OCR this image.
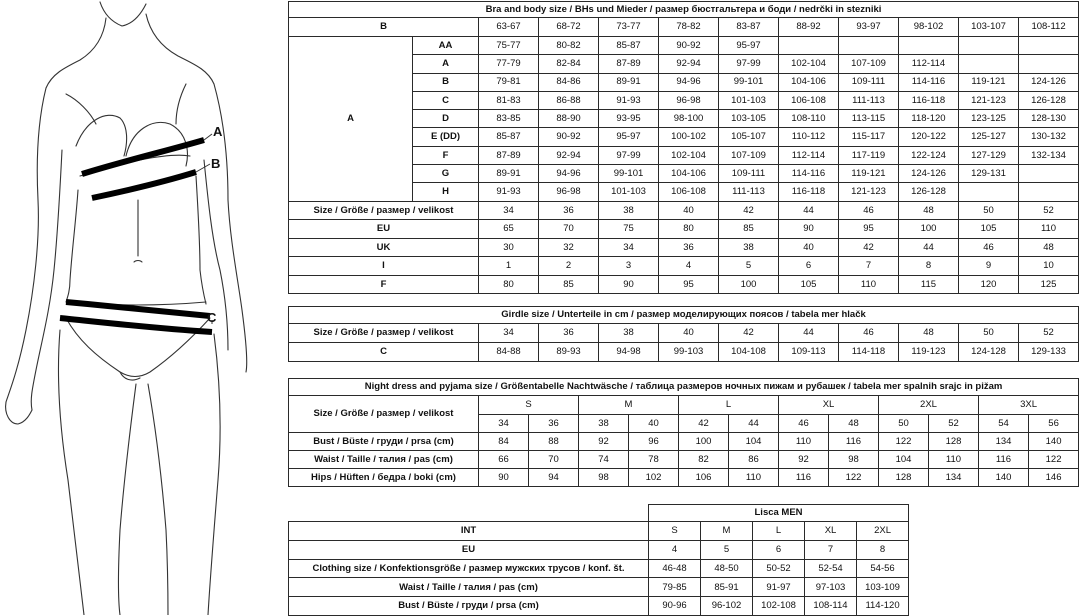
A
B
C
Bra and body size / BHs und Mieder / размер бюстгальтера и боди / nedrčki in stezniki											
B		63-67	68-72	73-77	78-82	83-87	88-92	93-97	98-102	103-107	108-112
A	AA	75-77	80-82	85-87	90-92	95-97					
	A	77-79	82-84	87-89	92-94	97-99	102-104	107-109	112-114		
	B	79-81	84-86	89-91	94-96	99-101	104-106	109-111	114-116	119-121	124-126
	C	81-83	86-88	91-93	96-98	101-103	106-108	111-113	116-118	121-123	126-128
	D	83-85	88-90	93-95	98-100	103-105	108-110	113-115	118-120	123-125	128-130
	E (DD)	85-87	90-92	95-97	100-102	105-107	110-112	115-117	120-122	125-127	130-132
	F	87-89	92-94	97-99	102-104	107-109	112-114	117-119	122-124	127-129	132-134
	G	89-91	94-96	99-101	104-106	109-111	114-116	119-121	124-126	129-131	
	H	91-93	96-98	101-103	106-108	111-113	116-118	121-123	126-128		
Size / Größe / размер / velikost		34	36	38	40	42	44	46	48	50	52
EU		65	70	75	80	85	90	95	100	105	110
UK		30	32	34	36	38	40	42	44	46	48
I		1	2	3	4	5	6	7	8	9	10
F		80	85	90	95	100	105	110	115	120	125
Girdle size / Unterteile in cm / размер моделирующих поясов / tabela mer hlačk										
Size / Größe / размер / velikost	34	36	38	40	42	44	46	48	50	52
C	84-88	89-93	94-98	99-103	104-108	109-113	114-118	119-123	124-128	129-133
Night dress and pyjama size / Größentabelle Nachtwäsche / таблица размеров ночных пижам и рубашек / tabela mer spalnih srajc in pižam												
Size / Größe / размер / velikost	S		M		L		XL		2XL		3XL	
	34	36	38	40	42	44	46	48	50	52	54	56
Bust / Büste / груди / prsa (cm)	84	88	92	96	100	104	110	116	122	128	134	140
Waist / Taille / талия / pas (cm)	66	70	74	78	82	86	92	98	104	110	116	122
Hips / Hüften / бедра / boki (cm)	90	94	98	102	106	110	116	122	128	134	140	146
	Lisca MEN				
INT	S	M	L	XL	2XL
EU	4	5	6	7	8
Clothing size / Konfektionsgröße / размер мужских трусов / konf. št.	46-48	48-50	50-52	52-54	54-56
Waist / Taille / талия / pas (cm)	79-85	85-91	91-97	97-103	103-109
Bust / Büste / груди / prsa (cm)	90-96	96-102	102-108	108-114	114-120
